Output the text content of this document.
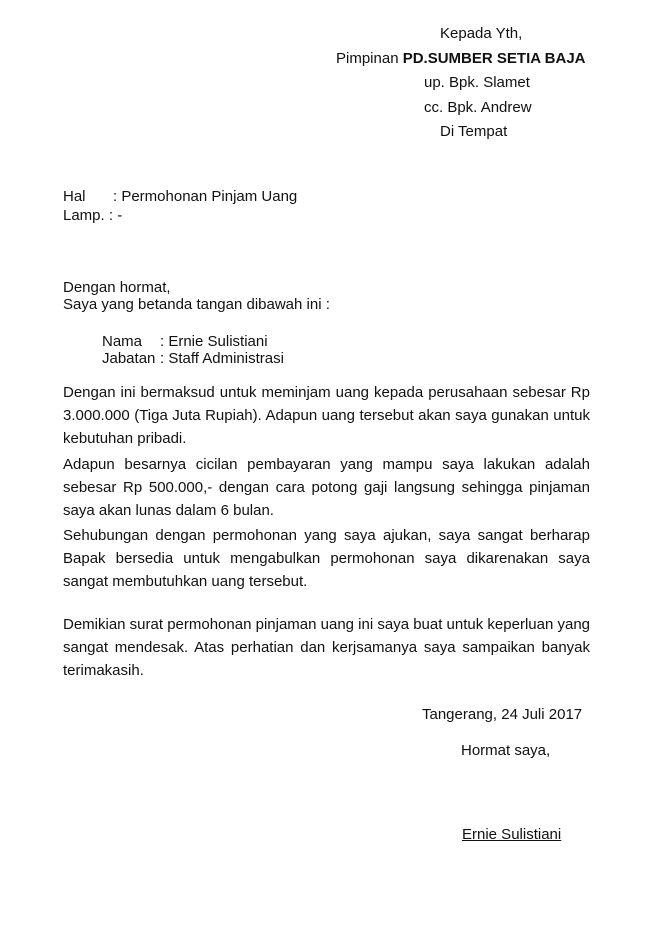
Kepada Yth,
Pimpinan PD.SUMBER SETIA BAJA
up. Bpk. Slamet
cc. Bpk. Andrew
Di Tempat
Hal : Permohonan Pinjam Uang
Lamp. : -
Dengan hormat,
Saya yang betanda tangan dibawah ini :
Nama : Ernie Sulistiani
Jabatan : Staff Administrasi
Dengan ini bermaksud untuk meminjam uang kepada perusahaan sebesar Rp 3.000.000 (Tiga Juta Rupiah). Adapun uang tersebut akan saya gunakan untuk kebutuhan pribadi.
Adapun besarnya cicilan pembayaran yang mampu saya lakukan adalah sebesar Rp 500.000,- dengan cara potong gaji langsung sehingga pinjaman saya akan lunas dalam 6 bulan.
Sehubungan dengan permohonan yang saya ajukan, saya sangat berharap Bapak bersedia untuk mengabulkan permohonan saya dikarenakan saya sangat membutuhkan uang tersebut.
Demikian surat permohonan pinjaman uang ini saya buat untuk keperluan yang sangat mendesak. Atas perhatian dan kerjsamanya saya sampaikan banyak terimakasih.
Tangerang, 24 Juli 2017
Hormat saya,
Ernie Sulistiani
